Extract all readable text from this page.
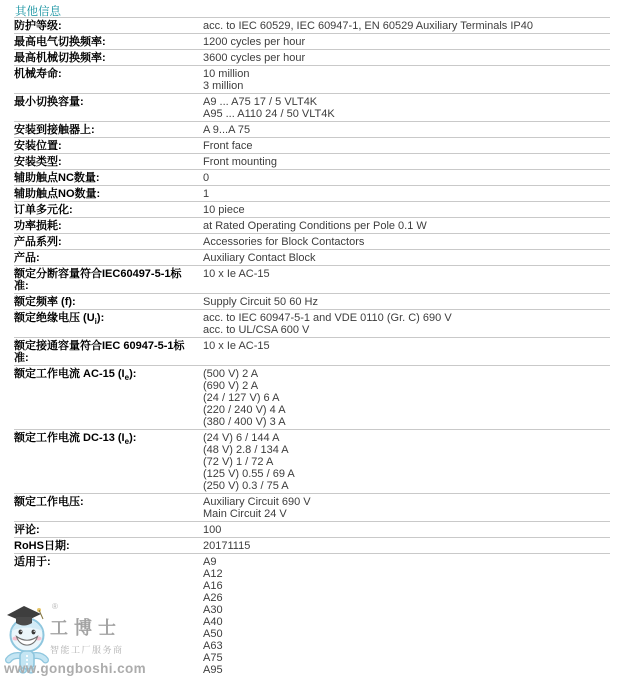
其他信息
防护等级:	acc. to IEC 60529, IEC 60947-1, EN 60529 Auxiliary Terminals IP40

最高电气切换频率:	1200 cycles per hour

最高机械切换频率:	3600 cycles per hour

机械寿命:	10 million
3 million

最小切换容量:	A9 ... A75 17 / 5 VLT4K
A95 ... A110 24 / 50 VLT4K

安装到接触器上:	A 9...A 75

安装位置:	Front face

安装类型:	Front mounting

辅助触点NC数量:	0

辅助触点NO数量:	1

订单多元化:	10 piece

功率损耗:	at Rated Operating Conditions per Pole 0.1 W

产品系列:	Accessories for Block Contactors

产品:	Auxiliary Contact Block

额定分断容量符合IEC60497-5-1标准:	10 x Ie AC-15

额定频率 (f):	Supply Circuit 50 60 Hz

额定绝缘电压 $(U_i)$:	acc. to IEC 60947-5-1 and VDE 0110 (Gr. C) 690 V
acc. to UL/CSA 600 V

额定接通容量符合IEC 60947-5-1标准:	10 x Ie AC-15

额定工作电流 AC-15 $(I_e)$:	(500 V) 2 A
(690 V) 2 A
(24 / 127 V) 6 A
(220 / 240 V) 4 A
(380 / 400 V) 3 A

额定工作电流 DC-13 $(I_e)$:	(24 V) 6 / 144 A
(48 V) 2.8 / 134 A
(72 V) 1 / 72 A
(125 V) 0.55 / 69 A
(250 V) 0.3 / 75 A

额定工作电压:	Auxiliary Circuit 690 V
Main Circuit 24 V

评论:	100

RoHS日期:	20171115

适用于:	A9
A12
A16
A26
A30
A40
A50
A63
A75
A95
®
工博士
智能工厂服务商
www.gongboshi.com
